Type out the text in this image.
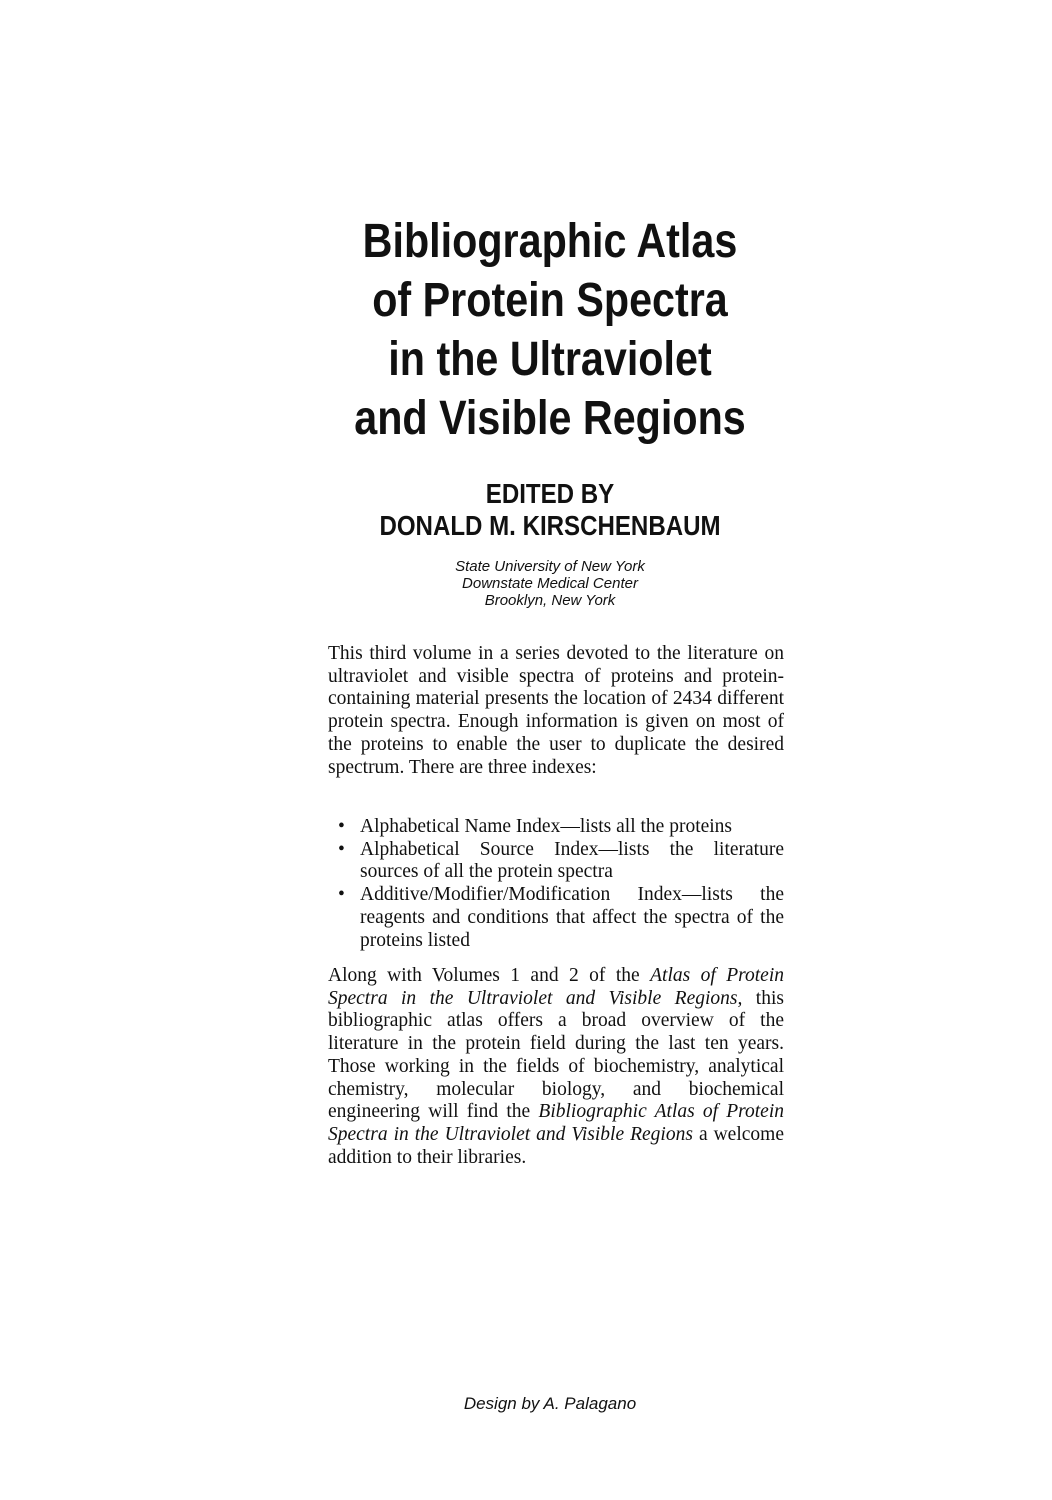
Bibliographic Atlas
of Protein Spectra
in the Ultraviolet
and Visible Regions
EDITED BY
DONALD M. KIRSCHENBAUM
State University of New York
Downstate Medical Center
Brooklyn, New York

This third volume in a series devoted to the literature on ultraviolet and visible spectra of proteins and protein-containing material presents the location of 2434 different protein spectra. Enough information is given on most of the proteins to enable the user to duplicate the desired spectrum. There are three indexes:

• Alphabetical Name Index—lists all the proteins
• Alphabetical Source Index—lists the literature sources of all the protein spectra
• Additive/Modifier/Modification Index—lists the reagents and conditions that affect the spectra of the proteins listed

Along with Volumes 1 and 2 of the Atlas of Protein Spectra in the Ultraviolet and Visible Regions, this bibliographic atlas offers a broad overview of the literature in the protein field during the last ten years. Those working in the fields of biochemistry, analytical chemistry, molecular biology, and biochemical engineering will find the Bibliographic Atlas of Protein Spectra in the Ultraviolet and Visible Regions a welcome addition to their libraries.

Design by A. Palagano
